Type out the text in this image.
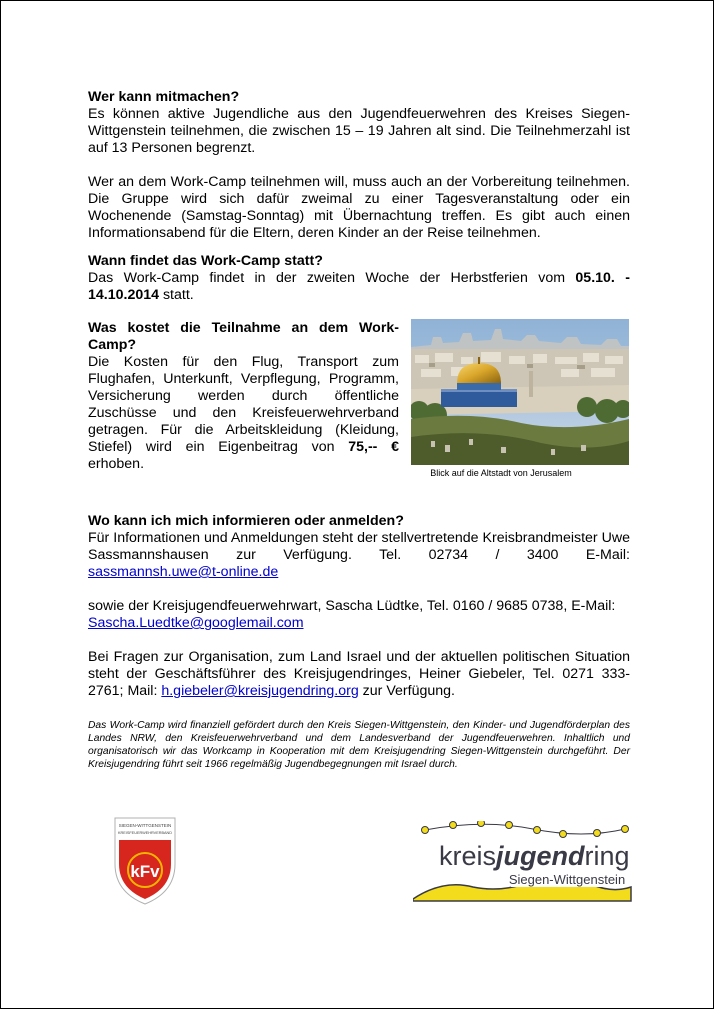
Wer kann mitmachen?

Es können aktive Jugendliche aus den Jugendfeuerwehren des Kreises Siegen-Wittgenstein teilnehmen, die zwischen 15 – 19 Jahren alt sind. Die Teilnehmerzahl ist auf 13 Personen begrenzt.

Wer an dem Work-Camp teilnehmen will, muss auch an der Vorbereitung teilnehmen. Die Gruppe wird sich dafür zweimal zu einer Tagesveranstaltung oder ein Wochenende (Samstag-Sonntag) mit Übernachtung treffen. Es gibt auch einen Informationsabend für die Eltern, deren Kinder an der Reise teilnehmen.

Wann findet das Work-Camp statt?

Das Work-Camp findet in der zweiten Woche der Herbstferien vom 05.10. - 14.10.2014 statt.

Was kostet die Teilnahme an dem Work-Camp?

Die Kosten für den Flug, Transport zum Flughafen, Unterkunft, Verpflegung, Programm, Versicherung werden durch öffentliche Zuschüsse und den Kreisfeuerwehrverband getragen. Für die Arbeitskleidung (Kleidung, Stiefel) wird ein Eigenbeitrag von 75,-- € erhoben.

Blick auf die Altstadt von Jerusalem

Wo kann ich mich informieren oder anmelden?

Für Informationen und Anmeldungen steht der stellvertretende Kreisbrandmeister Uwe Sassmannshausen zur Verfügung. Tel. 02734 / 3400 E-Mail:

sassmannsh.uwe@t-online.de

sowie der Kreisjugendfeuerwehrwart, Sascha Lüdtke, Tel. 0160 / 9685 0738, E-Mail:

Sascha.Luedtke@googlemail.com

Bei Fragen zur Organisation, zum Land Israel und der aktuellen politischen Situation steht der Geschäftsführer des Kreisjugendringes, Heiner Giebeler, Tel. 0271 333-2761; Mail: h.giebeler@kreisjugendring.org zur Verfügung.

Das Work-Camp wird finanziell gefördert durch den Kreis Siegen-Wittgenstein, den Kinder- und Jugendförderplan des Landes NRW, den Kreisfeuerwehrverband und dem Landesverband der Jugendfeuerwehren. Inhaltlich und organisatorisch wir das Workcamp in Kooperation mit dem Kreisjugendring Siegen-Wittgenstein durchgeführt. Der Kreisjugendring führt seit 1966 regelmäßig Jugendbegegnungen mit Israel durch.

SIEGEN-WITTGENSTEIN
KREISFEUERWEHRVERBAND
kFv
kreisjugendring
Siegen-Wittgenstein
